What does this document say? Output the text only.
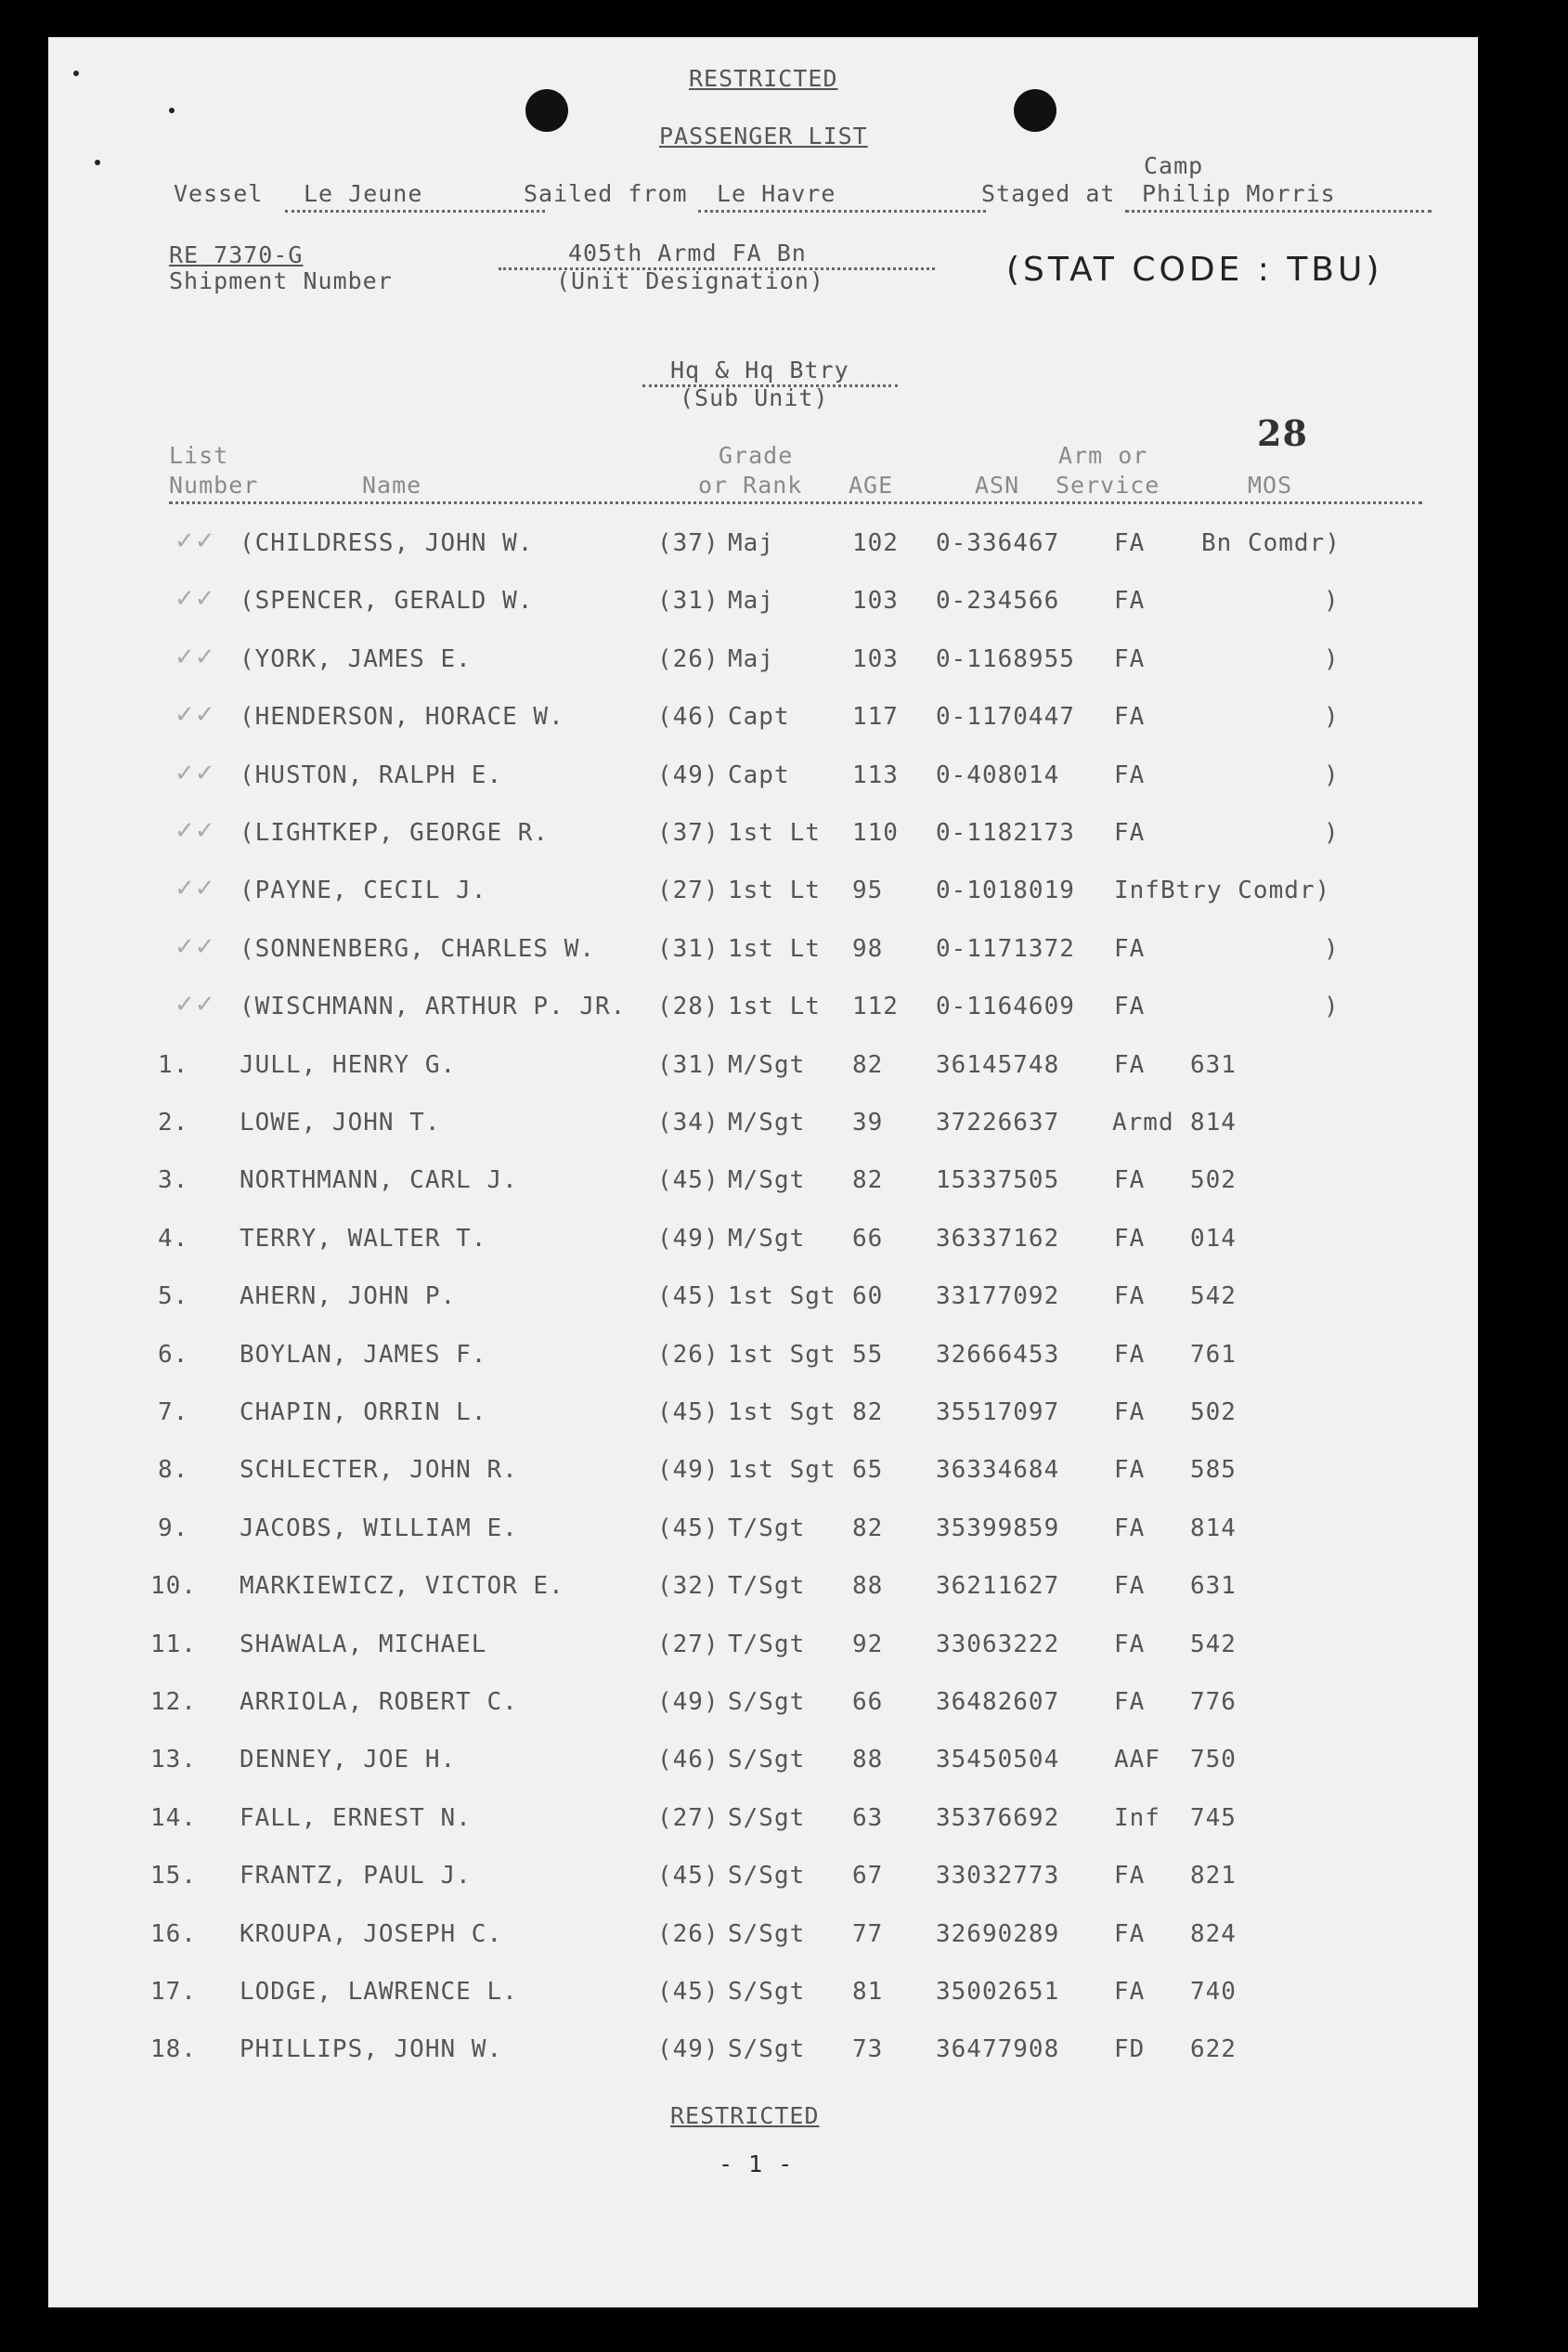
RESTRICTED
PASSENGER LIST
Vessel Le Jeune	Sailed from Le Havre	Staged at
Camp
Philip Morris
RE 7370-G
Shipment Number
405th Armd FA Bn
(Unit Designation)	(STAT CODE : TBU)
Hq & Hq Btry
(Sub Unit)
28
List
Number	Name
Grade
or Rank AGE	ASN
Arm or
Service	MOS
✓✓ (CHILDRESS, JOHN W.	(37) Maj	102 0-336467 FA Bn Comdr)
✓✓ (SPENCER, GERALD W.	(31) Maj	103 0-234566 FA	)
✓✓ (YORK, JAMES E.	(26) Maj	103 0-1168955 FA	)
✓✓ (HENDERSON, HORACE W.	(46) Capt	117 0-1170447 FA	)
✓✓ (HUSTON, RALPH E.	(49) Capt	113 0-408014 FA	)
✓✓ (LIGHTKEP, GEORGE R.	(37) 1st Lt 110 0-1182173 FA	)
✓✓ (PAYNE, CECIL J.	(27) 1st Lt 95 0-1018019 Inf Btry Comdr)
✓✓ (SONNENBERG, CHARLES W.	(31) 1st Lt 98 0-1171372 FA	)
✓✓ (WISCHMANN, ARTHUR P. JR. (28) 1st Lt 112 0-1164609 FA	)
1. JULL, HENRY G.	(31) M/Sgt 82 36145748 FA 631
2. LOWE, JOHN T.	(34) M/Sgt 39 37226637 Armd 814
3. NORTHMANN, CARL J.	(45) M/Sgt 82 15337505 FA 502
4. TERRY, WALTER T.	(49) M/Sgt 66 36337162 FA 014
5. AHERN, JOHN P.	(45) 1st Sgt 60 33177092 FA 542
6. BOYLAN, JAMES F.	(26) 1st Sgt 55 32666453 FA 761
7. CHAPIN, ORRIN L.	(45) 1st Sgt 82 35517097 FA 502
8. SCHLECTER, JOHN R.	(49) 1st Sgt 65 36334684 FA 585
9. JACOBS, WILLIAM E.	(45) T/Sgt 82 35399859 FA 814
10. MARKIEWICZ, VICTOR E.	(32) T/Sgt 88 36211627 FA 631
11. SHAWALA, MICHAEL	(27) T/Sgt 92 33063222 FA 542
12. ARRIOLA, ROBERT C.	(49) S/Sgt 66 36482607 FA 776
13. DENNEY, JOE H.	(46) S/Sgt 88 35450504 AAF 750
14. FALL, ERNEST N.	(27) S/Sgt 63 35376692 Inf 745
15. FRANTZ, PAUL J.	(45) S/Sgt 67 33032773 FA 821
16. KROUPA, JOSEPH C.	(26) S/Sgt 77 32690289 FA 824
17. LODGE, LAWRENCE L.	(45) S/Sgt 81 35002651 FA 740
18. PHILLIPS, JOHN W.	(49) S/Sgt 73 36477908 FD 622
RESTRICTED
- 1 -
